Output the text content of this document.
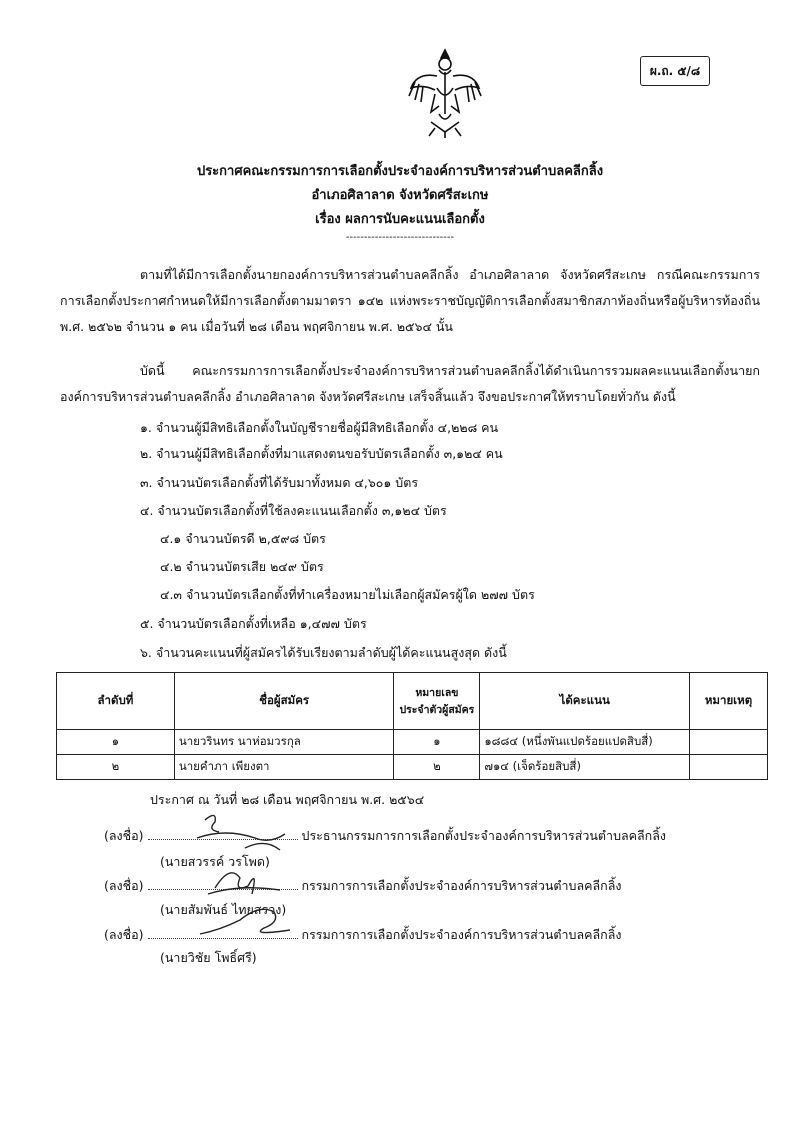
ผ.ถ. ๕/๘
ประกาศคณะกรรมการการเลือกตั้งประจำองค์การบริหารส่วนตำบลคลีกลิ้ง
อำเภอศิลาลาด จังหวัดศรีสะเกษ
เรื่อง ผลการนับคะแนนเลือกตั้ง
------------------------------
ตามที่ได้มีการเลือกตั้งนายกองค์การบริหารส่วนตำบลคลีกลิ้ง อำเภอศิลาลาด จังหวัดศรีสะเกษ กรณีคณะกรรมการการเลือกตั้งประกาศกำหนดให้มีการเลือกตั้งตามมาตรา ๑๔๒ แห่งพระราชบัญญัติการเลือกตั้งสมาชิกสภาท้องถิ่นหรือผู้บริหารท้องถิ่น พ.ศ. ๒๕๖๒ จำนวน ๑ คน เมื่อวันที่ ๒๘ เดือน พฤศจิกายน พ.ศ. ๒๕๖๔ นั้น
บัดนี้ คณะกรรมการการเลือกตั้งประจำองค์การบริหารส่วนตำบลคลีกลิ้งได้ดำเนินการรวมผลคะแนนเลือกตั้งนายกองค์การบริหารส่วนตำบลคลีกลิ้ง อำเภอศิลาลาด จังหวัดศรีสะเกษ เสร็จสิ้นแล้ว จึงขอประกาศให้ทราบโดยทั่วกัน ดังนี้
๑. จำนวนผู้มีสิทธิเลือกตั้งในบัญชีรายชื่อผู้มีสิทธิเลือกตั้ง ๔,๒๒๘ คน
๒. จำนวนผู้มีสิทธิเลือกตั้งที่มาแสดงตนขอรับบัตรเลือกตั้ง ๓,๑๒๔ คน
๓. จำนวนบัตรเลือกตั้งที่ได้รับมาทั้งหมด ๔,๖๐๑ บัตร
๔. จำนวนบัตรเลือกตั้งที่ใช้ลงคะแนนเลือกตั้ง ๓,๑๒๔ บัตร
๔.๑ จำนวนบัตรดี ๒,๕๙๘ บัตร
๔.๒ จำนวนบัตรเสีย ๒๔๙ บัตร
๔.๓ จำนวนบัตรเลือกตั้งที่ทำเครื่องหมายไม่เลือกผู้สมัครผู้ใด ๒๗๗ บัตร
๕. จำนวนบัตรเลือกตั้งที่เหลือ ๑,๔๗๗ บัตร
๖. จำนวนคะแนนที่ผู้สมัครได้รับเรียงตามลำดับผู้ได้คะแนนสูงสุด ดังนี้
ลำดับที่	ชื่อผู้สมัคร	หมายเลข
ประจำตัวผู้สมัคร	ได้คะแนน	หมายเหตุ
๑	นายวรินทร นาห่อมวรกุล	๑	๑๘๘๔ (หนึ่งพันแปดร้อยแปดสิบสี่)	
๒	นายคำภา เพียงตา	๒	๗๑๔ (เจ็ดร้อยสิบสี่)	
ประกาศ ณ วันที่ ๒๘ เดือน พฤศจิกายน พ.ศ. ๒๕๖๔
(ลงชื่อ)	ประธานกรรมการการเลือกตั้งประจำองค์การบริหารส่วนตำบลคลีกลิ้ง
(นายสวรรค์ วรโพด)
(ลงชื่อ)	กรรมการการเลือกตั้งประจำองค์การบริหารส่วนตำบลคลีกลิ้ง
(นายสัมพันธ์ ไทยสรวง)
(ลงชื่อ)	กรรมการการเลือกตั้งประจำองค์การบริหารส่วนตำบลคลีกลิ้ง
(นายวิชัย โพธิ์ศรี)
